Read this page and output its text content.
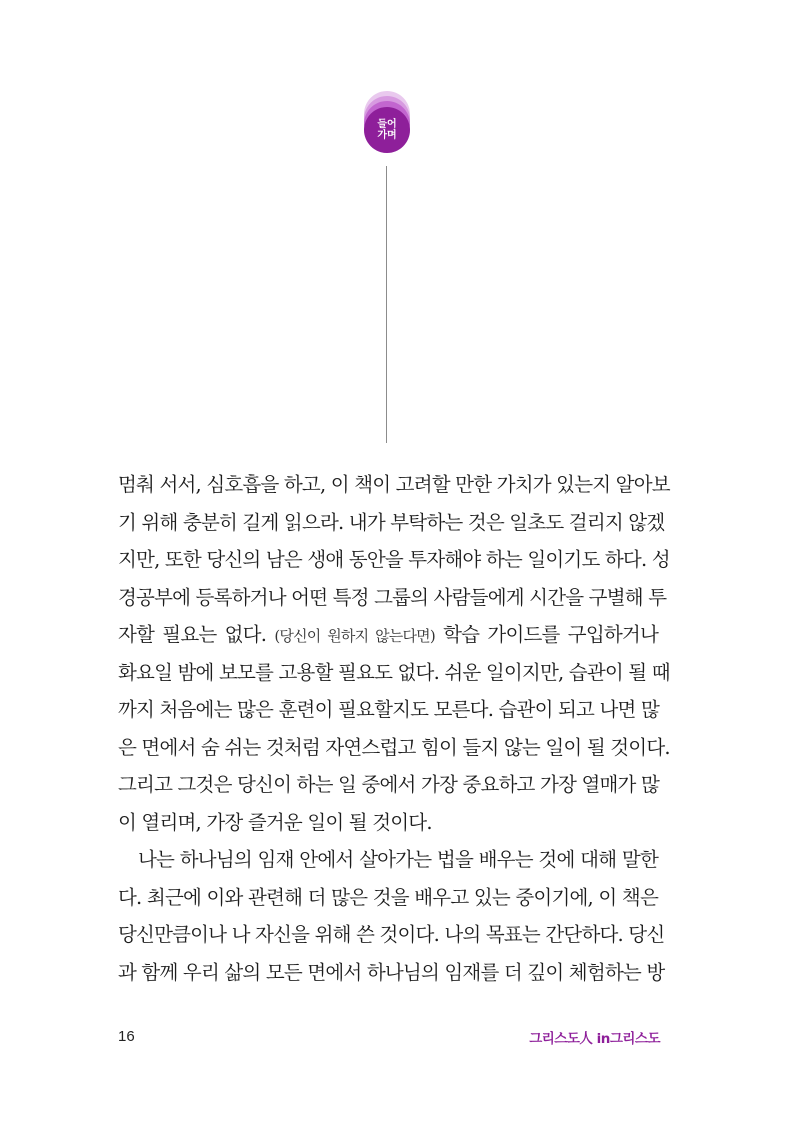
들어
가며
멈춰 서서, 심호흡을 하고, 이 책이 고려할 만한 가치가 있는지 알아보
기 위해 충분히 길게 읽으라. 내가 부탁하는 것은 일초도 걸리지 않겠
지만, 또한 당신의 남은 생애 동안을 투자해야 하는 일이기도 하다. 성
경공부에 등록하거나 어떤 특정 그룹의 사람들에게 시간을 구별해 투
자할 필요는 없다. (당신이 원하지 않는다면) 학습 가이드를 구입하거나
화요일 밤에 보모를 고용할 필요도 없다. 쉬운 일이지만, 습관이 될 때
까지 처음에는 많은 훈련이 필요할지도 모른다. 습관이 되고 나면 많
은 면에서 숨 쉬는 것처럼 자연스럽고 힘이 들지 않는 일이 될 것이다.
그리고 그것은 당신이 하는 일 중에서 가장 중요하고 가장 열매가 많
이 열리며, 가장 즐거운 일이 될 것이다.
나는 하나님의 임재 안에서 살아가는 법을 배우는 것에 대해 말한
다. 최근에 이와 관련해 더 많은 것을 배우고 있는 중이기에, 이 책은
당신만큼이나 나 자신을 위해 쓴 것이다. 나의 목표는 간단하다. 당신
과 함께 우리 삶의 모든 면에서 하나님의 임재를 더 깊이 체험하는 방
16	그리스도人 in그리스도
